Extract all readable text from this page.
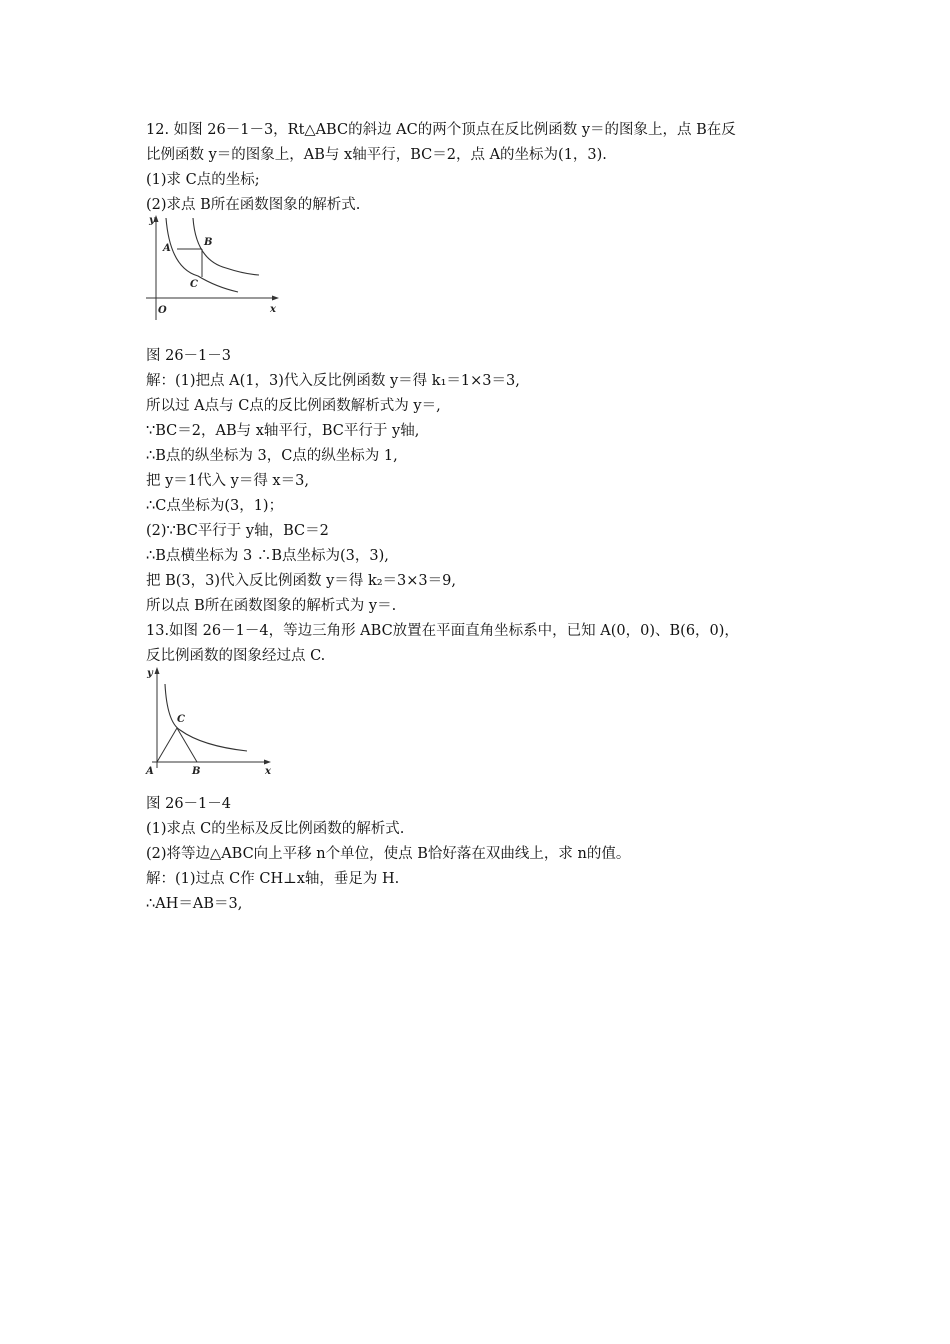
12. 如图 26－1－3，Rt△ABC的斜边 AC的两个顶点在反比例函数 y＝的图象上，点 B在反
比例函数 y＝的图象上，AB与 x轴平行，BC＝2，点 A的坐标为(1，3).
(1)求 C点的坐标;
(2)求点 B所在函数图象的解析式.
y
x
O
A
B
C
图 26－1－3
解：(1)把点 A(1，3)代入反比例函数 y＝得 k₁＝1×3＝3,
所以过 A点与 C点的反比例函数解析式为 y＝,
∵BC＝2，AB与 x轴平行，BC平行于 y轴,
∴B点的纵坐标为 3，C点的纵坐标为 1,
把 y＝1代入 y＝得 x＝3,
∴C点坐标为(3，1)；
(2)∵BC平行于 y轴，BC＝2
∴B点横坐标为 3 ∴B点坐标为(3，3),
把 B(3，3)代入反比例函数 y＝得 k₂＝3×3＝9,
所以点 B所在函数图象的解析式为 y＝.
13.如图 26－1－4，等边三角形 ABC放置在平面直角坐标系中，已知 A(0，0)、B(6，0)，
反比例函数的图象经过点 C.
y
x
A	B
C
图 26－1－4
(1)求点 C的坐标及反比例函数的解析式.
(2)将等边△ABC向上平移 n个单位，使点 B恰好落在双曲线上，求 n的值。
解：(1)过点 C作 CH⊥x轴，垂足为 H.
∴AH＝AB＝3,
